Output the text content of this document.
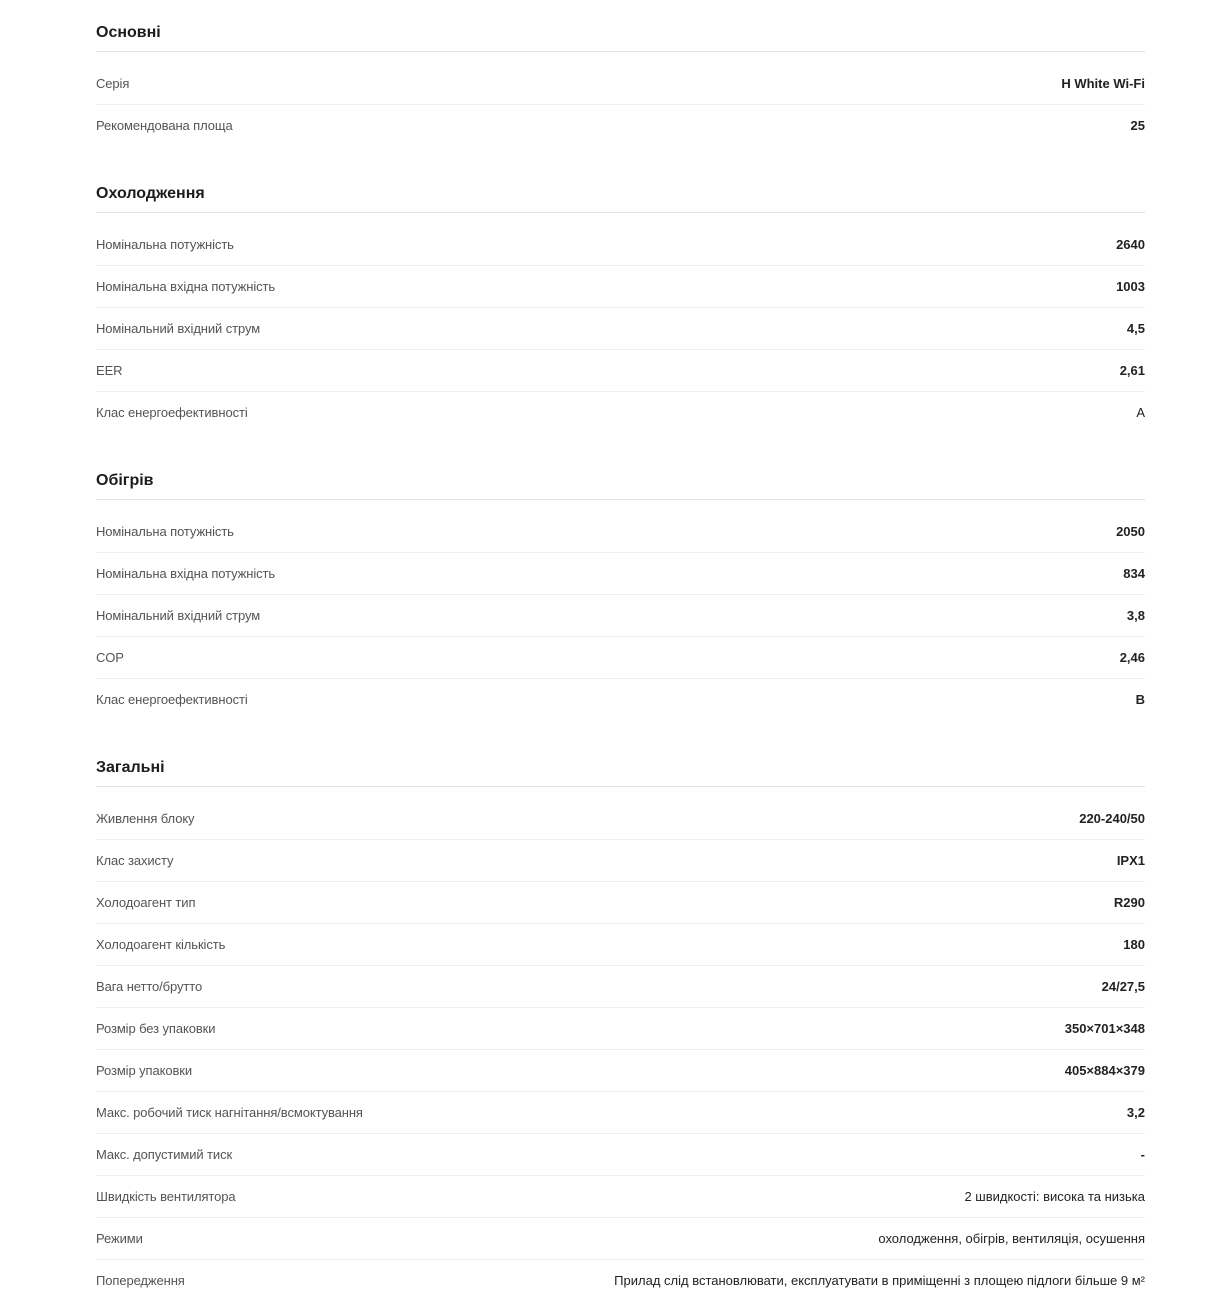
Основні
Серія	H White Wi-Fi
Рекомендована площа	25
Охолодження
Номінальна потужність	2640
Номінальна вхідна потужність	1003
Номінальний вхідний струм	4,5
EER	2,61
Клас енергоефективності	A
Обігрів
Номінальна потужність	2050
Номінальна вхідна потужність	834
Номінальний вхідний струм	3,8
COP	2,46
Клас енергоефективності	B
Загальні
Живлення блоку	220-240/50
Клас захисту	IPX1
Холодоагент тип	R290
Холодоагент кількість	180
Вага нетто/брутто	24/27,5
Розмір без упаковки	350×701×348
Розмір упаковки	405×884×379
Макс. робочий тиск нагнітання/всмоктування	3,2
Макс. допустимий тиск	-
Швидкість вентилятора	2 швидкості: висока та низька
Режими	охолодження, обігрів, вентиляція, осушення
Попередження	Прилад слід встановлювати, експлуатувати в приміщенні з площею підлоги більше 9 м²
